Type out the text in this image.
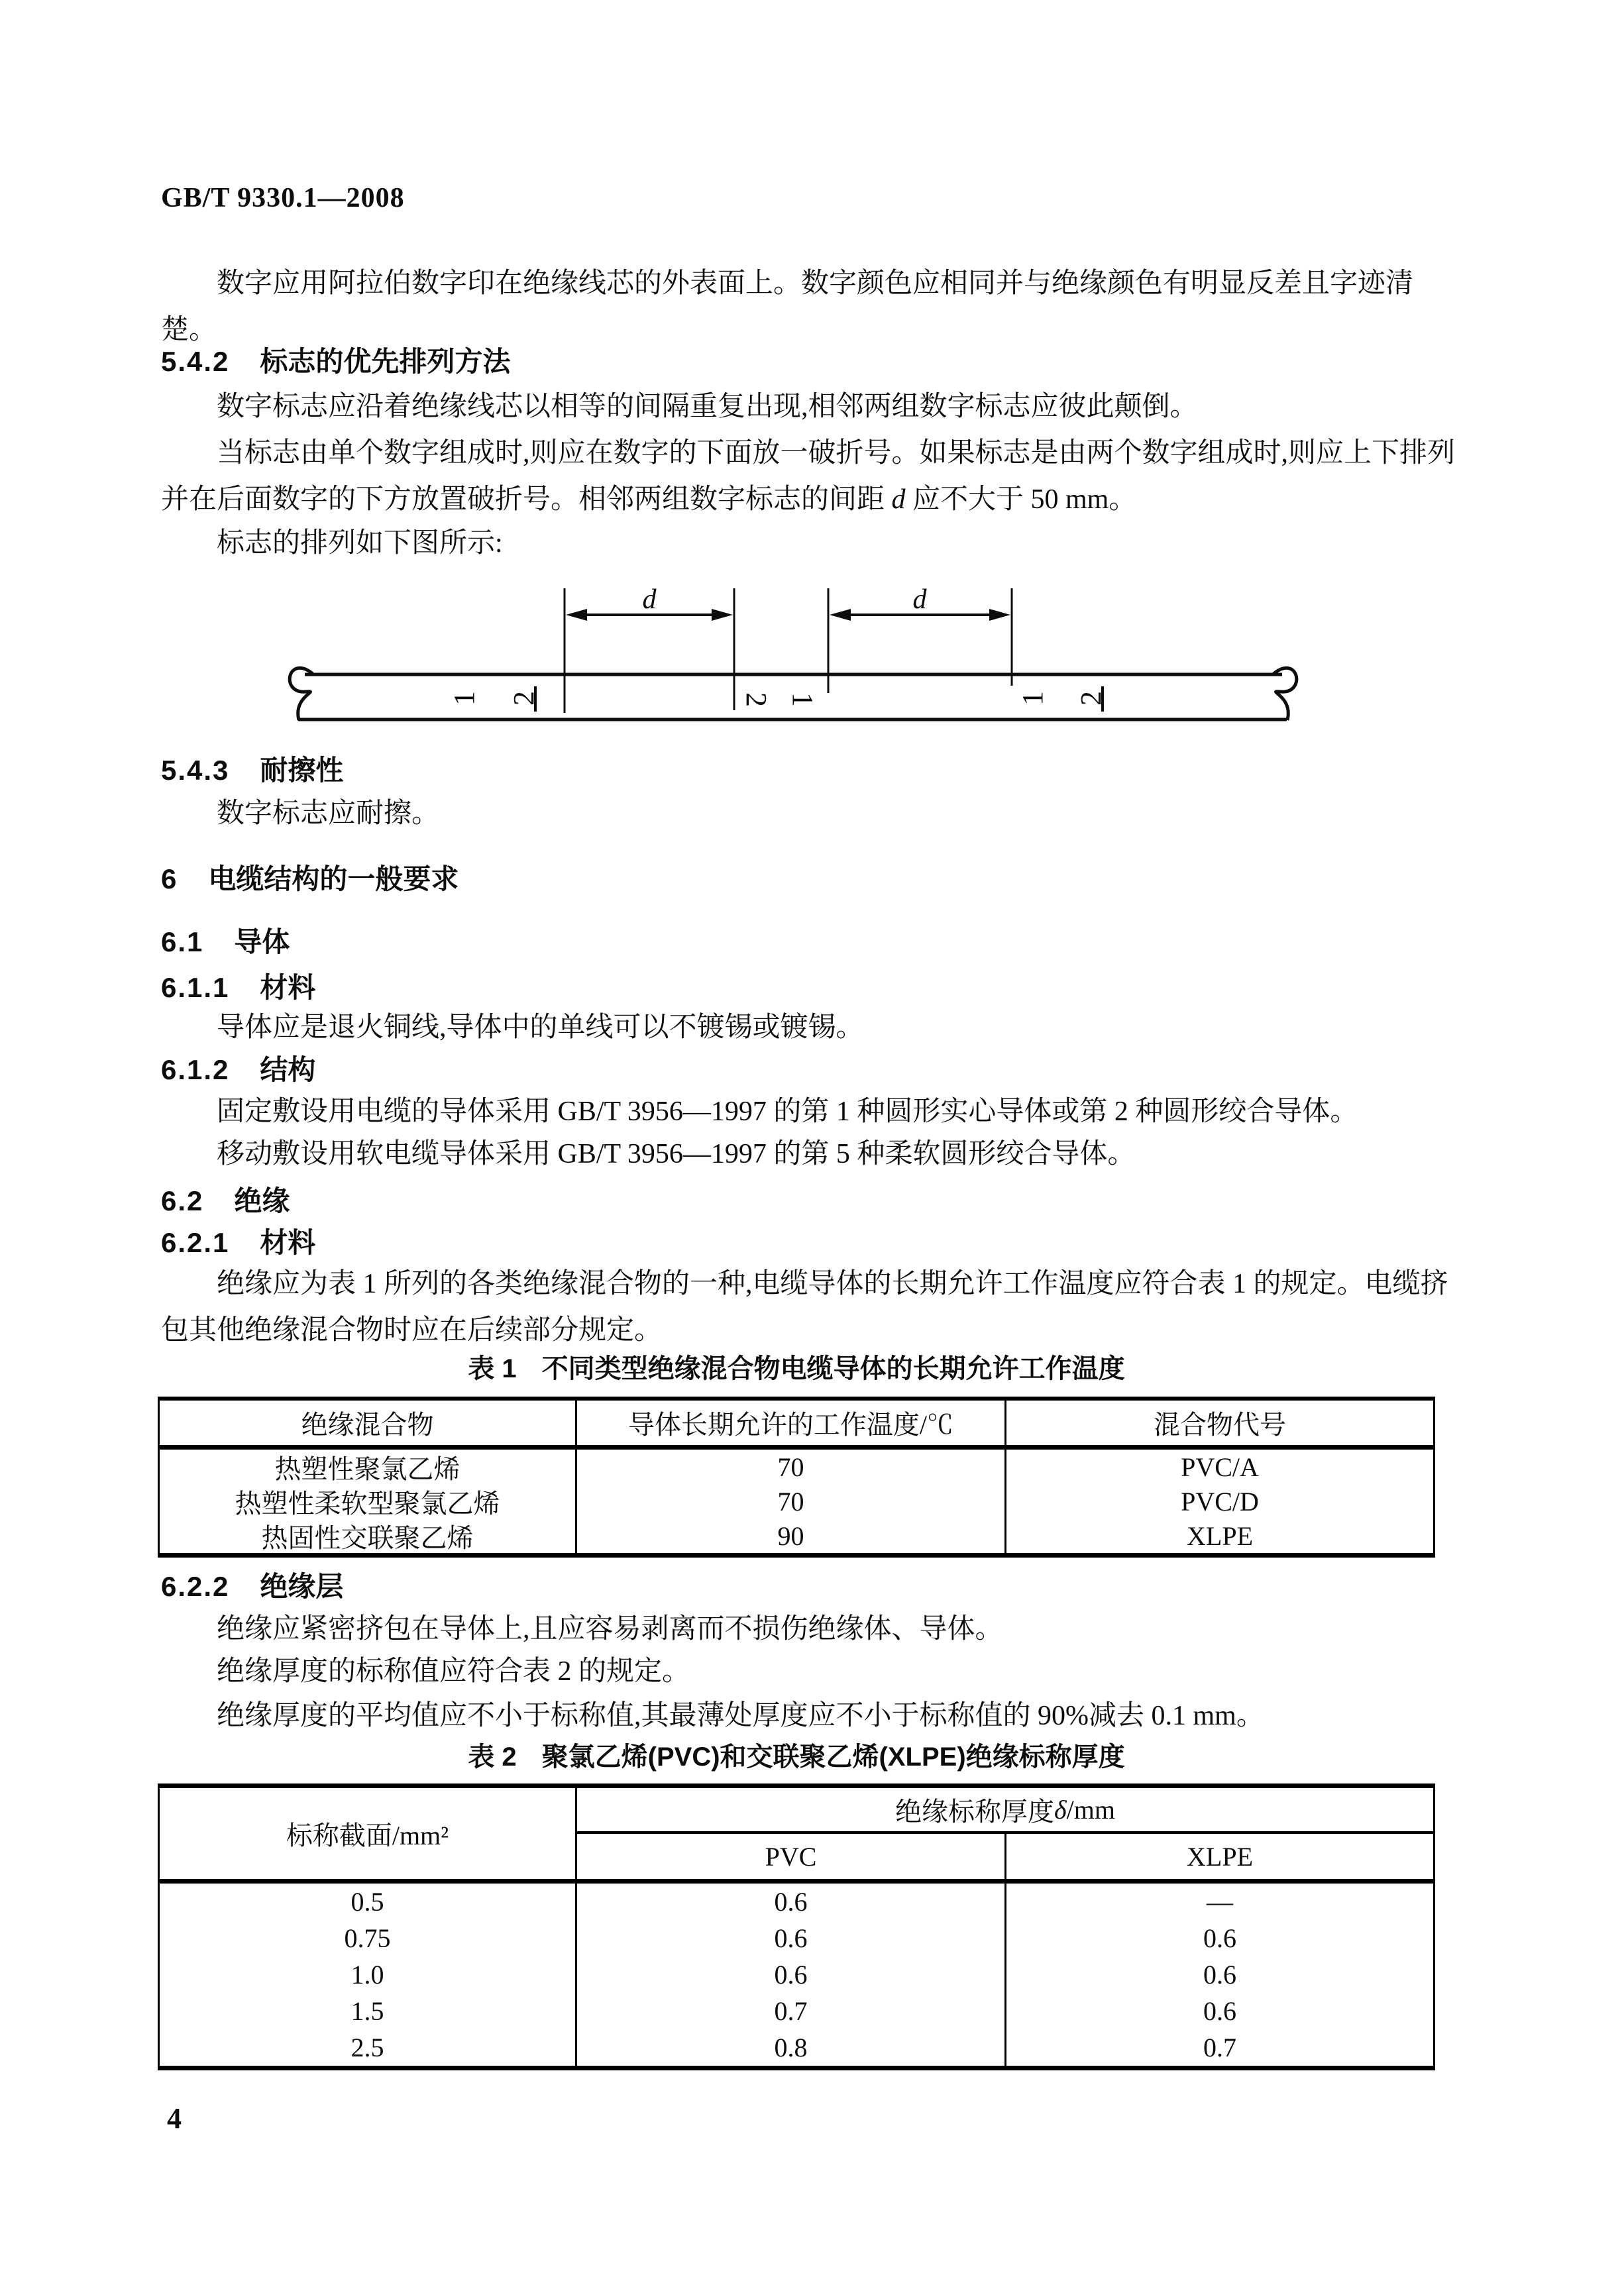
GB/T 9330.1—2008
数字应用阿拉伯数字印在绝缘线芯的外表面上。数字颜色应相同并与绝缘颜色有明显反差且字迹清楚。
5.4.2 标志的优先排列方法
数字标志应沿着绝缘线芯以相等的间隔重复出现,相邻两组数字标志应彼此颠倒。
当标志由单个数字组成时,则应在数字的下面放一破折号。如果标志是由两个数字组成时,则应上下排列并在后面数字的下方放置破折号。相邻两组数字标志的间距 d 应不大于 50 mm。
标志的排列如下图所示:
d	d
1 2	2 1	1 2
5.4.3 耐擦性
数字标志应耐擦。
6 电缆结构的一般要求
6.1 导体
6.1.1 材料
导体应是退火铜线,导体中的单线可以不镀锡或镀锡。
6.1.2 结构
固定敷设用电缆的导体采用 GB/T 3956—1997 的第 1 种圆形实心导体或第 2 种圆形绞合导体。
移动敷设用软电缆导体采用 GB/T 3956—1997 的第 5 种柔软圆形绞合导体。
6.2 绝缘
6.2.1 材料
绝缘应为表 1 所列的各类绝缘混合物的一种,电缆导体的长期允许工作温度应符合表 1 的规定。电缆挤包其他绝缘混合物时应在后续部分规定。
表 1 不同类型绝缘混合物电缆导体的长期允许工作温度
绝缘混合物	导体长期允许的工作温度/℃	混合物代号
热塑性聚氯乙烯	70	PVC/A
热塑性柔软型聚氯乙烯	70	PVC/D
热固性交联聚乙烯	90	XLPE
6.2.2 绝缘层
绝缘应紧密挤包在导体上,且应容易剥离而不损伤绝缘体、导体。
绝缘厚度的标称值应符合表 2 的规定。
绝缘厚度的平均值应不小于标称值,其最薄处厚度应不小于标称值的 90%减去 0.1 mm。
表 2 聚氯乙烯(PVC)和交联聚乙烯(XLPE)绝缘标称厚度
标称截面/mm²
绝缘标称厚度 δ /mm
PVC	XLPE
0.5	0.6	—
0.75	0.6	0.6
1.0	0.6	0.6
1.5	0.7	0.6
2.5	0.8	0.7
4
